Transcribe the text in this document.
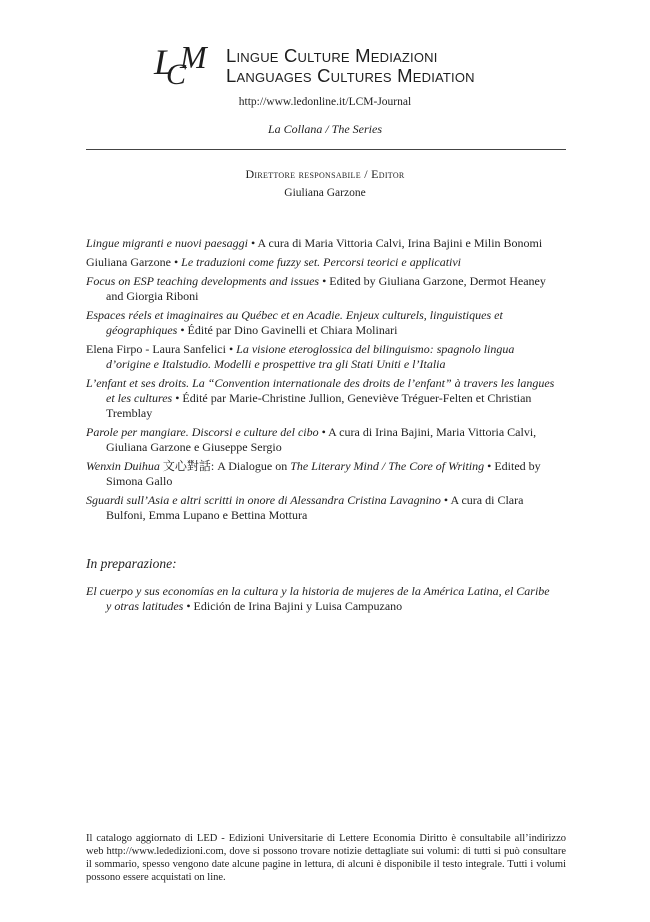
L
C
M Lingue Culture Mediazioni
Languages Cultures Mediation
http://www.ledonline.it/LCM-Journal
La Collana / The Series
Direttore responsabile / Editor
Giuliana Garzone
Lingue migranti e nuovi paesaggi • A cura di Maria Vittoria Calvi, Irina Bajini e Milin Bonomi
Giuliana Garzone • Le traduzioni come fuzzy set. Percorsi teorici e applicativi
Focus on ESP teaching developments and issues • Edited by Giuliana Garzone, Dermot Heaney and Giorgia Riboni
Espaces réels et imaginaires au Québec et en Acadie. Enjeux culturels, linguistiques et géographiques • Édité par Dino Gavinelli et Chiara Molinari
Elena Firpo - Laura Sanfelici • La visione eteroglossica del bilinguismo: spagnolo lingua d’origine e Italstudio. Modelli e prospettive tra gli Stati Uniti e l’Italia
L’enfant et ses droits. La “Convention internationale des droits de l’enfant” à travers les langues et les cultures • Édité par Marie-Christine Jullion, Geneviève Tréguer-Felten et Christian Tremblay
Parole per mangiare. Discorsi e culture del cibo • A cura di Irina Bajini, Maria Vittoria Calvi, Giuliana Garzone e Giuseppe Sergio
Wenxin Duihua 文心對話: A Dialogue on The Literary Mind / The Core of Writing • Edited by Simona Gallo
Sguardi sull’Asia e altri scritti in onore di Alessandra Cristina Lavagnino • A cura di Clara Bulfoni, Emma Lupano e Bettina Mottura
In preparazione:
El cuerpo y sus economías en la cultura y la historia de mujeres de la América Latina, el Caribe y otras latitudes • Edición de Irina Bajini y Luisa Campuzano
Il catalogo aggiornato di LED - Edizioni Universitarie di Lettere Economia Diritto è consultabile all’indirizzo web http://www.lededizioni.com, dove si possono trovare notizie dettagliate sui volumi: di tutti si può consultare il sommario, spesso vengono date alcune pagine in lettura, di alcuni è disponibile il testo integrale. Tutti i volumi possono essere acquistati on line.
